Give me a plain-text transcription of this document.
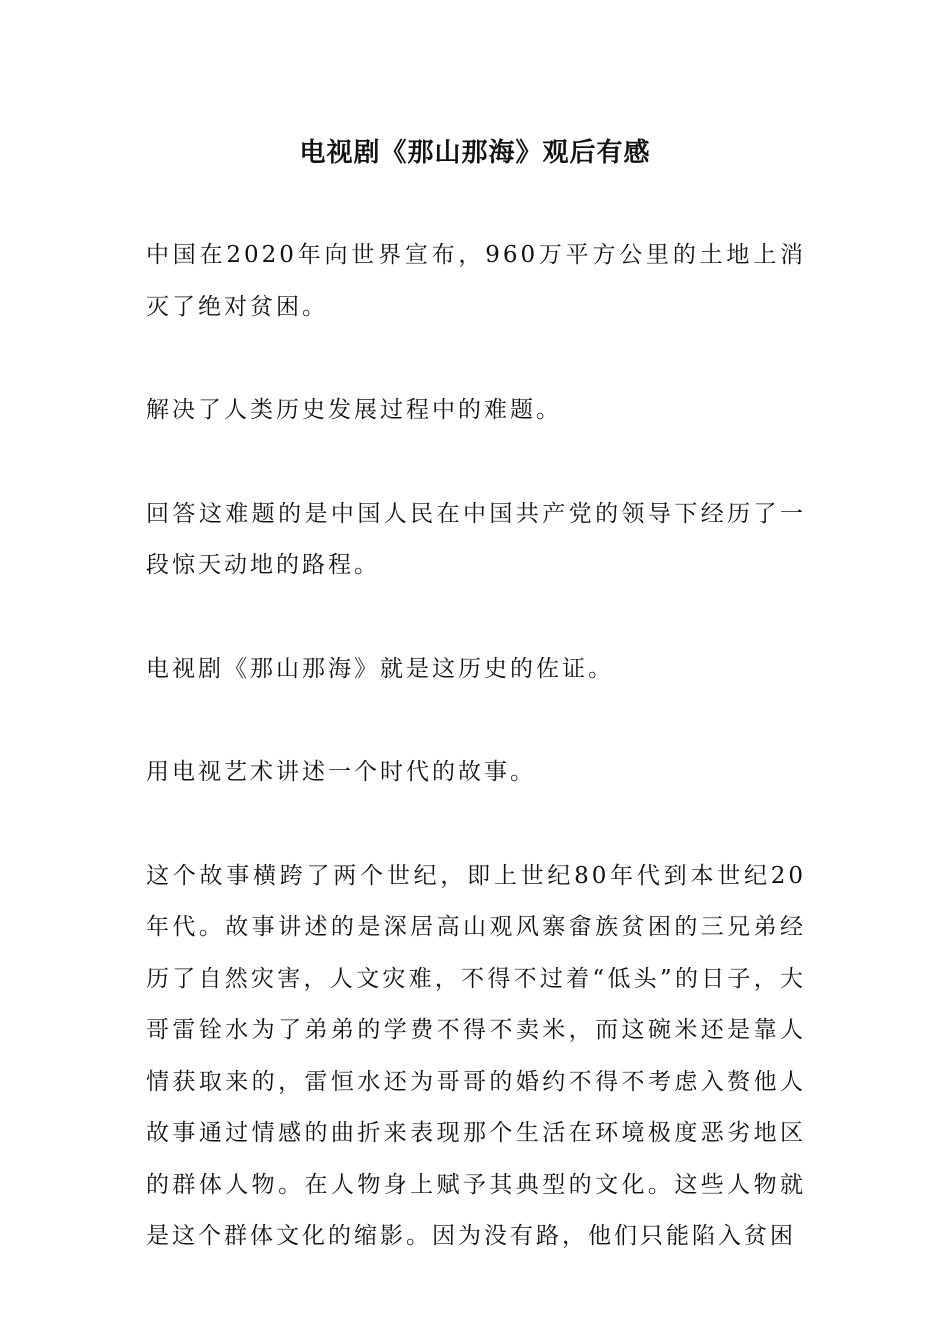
电视剧《那山那海》观后有感

中国在2020年向世界宣布，960万平方公里的土地上消灭了绝对贫困。

解决了人类历史发展过程中的难题。

回答这难题的是中国人民在中国共产党的领导下经历了一段惊天动地的路程。

电视剧《那山那海》就是这历史的佐证。

用电视艺术讲述一个时代的故事。

这个故事横跨了两个世纪，即上世纪80年代到本世纪20年代。故事讲述的是深居高山观风寨畲族贫困的三兄弟经历了自然灾害，人文灾难，不得不过着“低头”的日子，大哥雷铨水为了弟弟的学费不得不卖米，而这碗米还是靠人情获取来的，雷恒水还为哥哥的婚约不得不考虑入赘他人故事通过情感的曲折来表现那个生活在环境极度恶劣地区的群体人物。在人物身上赋予其典型的文化。这些人物就是这个群体文化的缩影。因为没有路，他们只能陷入贫困
